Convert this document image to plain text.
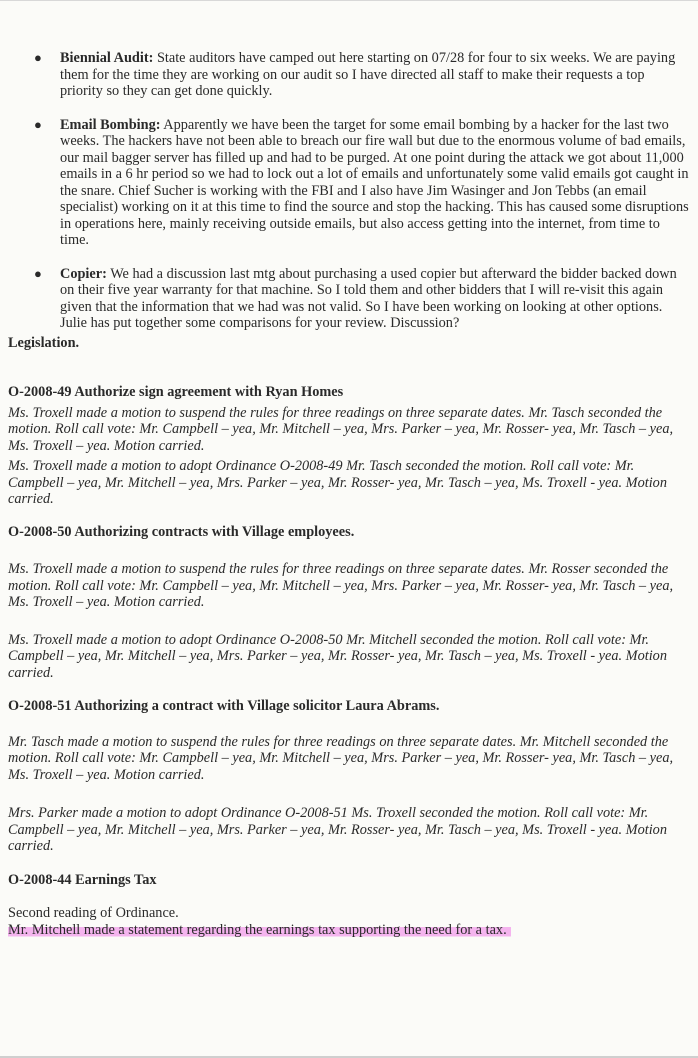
● Biennial Audit: State auditors have camped out here starting on 07/28 for four to six weeks. We are paying them for the time they are working on our audit so I have directed all staff to make their requests a top priority so they can get done quickly.
● Email Bombing: Apparently we have been the target for some email bombing by a hacker for the last two weeks. The hackers have not been able to breach our fire wall but due to the enormous volume of bad emails, our mail bagger server has filled up and had to be purged. At one point during the attack we got about 11,000 emails in a 6 hr period so we had to lock out a lot of emails and unfortunately some valid emails got caught in the snare. Chief Sucher is working with the FBI and I also have Jim Wasinger and Jon Tebbs (an email specialist) working on it at this time to find the source and stop the hacking. This has caused some disruptions in operations here, mainly receiving outside emails, but also access getting into the internet, from time to time.
● Copier: We had a discussion last mtg about purchasing a used copier but afterward the bidder backed down on their five year warranty for that machine. So I told them and other bidders that I will re-visit this again given that the information that we had was not valid. So I have been working on looking at other options. Julie has put together some comparisons for your review. Discussion?
Legislation.
O-2008-49 Authorize sign agreement with Ryan Homes

Ms. Troxell made a motion to suspend the rules for three readings on three separate dates. Mr. Tasch seconded the motion. Roll call vote: Mr. Campbell – yea, Mr. Mitchell – yea, Mrs. Parker – yea, Mr. Rosser- yea, Mr. Tasch – yea, Ms. Troxell – yea. Motion carried.

Ms. Troxell made a motion to adopt Ordinance O-2008-49 Mr. Tasch seconded the motion. Roll call vote: Mr. Campbell – yea, Mr. Mitchell – yea, Mrs. Parker – yea, Mr. Rosser- yea, Mr. Tasch – yea, Ms. Troxell - yea. Motion carried.

O-2008-50 Authorizing contracts with Village employees.

Ms. Troxell made a motion to suspend the rules for three readings on three separate dates. Mr. Rosser seconded the motion. Roll call vote: Mr. Campbell – yea, Mr. Mitchell – yea, Mrs. Parker – yea, Mr. Rosser- yea, Mr. Tasch – yea, Ms. Troxell – yea. Motion carried.

Ms. Troxell made a motion to adopt Ordinance O-2008-50 Mr. Mitchell seconded the motion. Roll call vote: Mr. Campbell – yea, Mr. Mitchell – yea, Mrs. Parker – yea, Mr. Rosser- yea, Mr. Tasch – yea, Ms. Troxell - yea. Motion carried.

O-2008-51 Authorizing a contract with Village solicitor Laura Abrams.

Mr. Tasch made a motion to suspend the rules for three readings on three separate dates. Mr. Mitchell seconded the motion. Roll call vote: Mr. Campbell – yea, Mr. Mitchell – yea, Mrs. Parker – yea, Mr. Rosser- yea, Mr. Tasch – yea, Ms. Troxell – yea. Motion carried.

Mrs. Parker made a motion to adopt Ordinance O-2008-51 Ms. Troxell seconded the motion. Roll call vote: Mr. Campbell – yea, Mr. Mitchell – yea, Mrs. Parker – yea, Mr. Rosser- yea, Mr. Tasch – yea, Ms. Troxell - yea. Motion carried.

O-2008-44 Earnings Tax

Second reading of Ordinance.

Mr. Mitchell made a statement regarding the earnings tax supporting the need for a tax.
